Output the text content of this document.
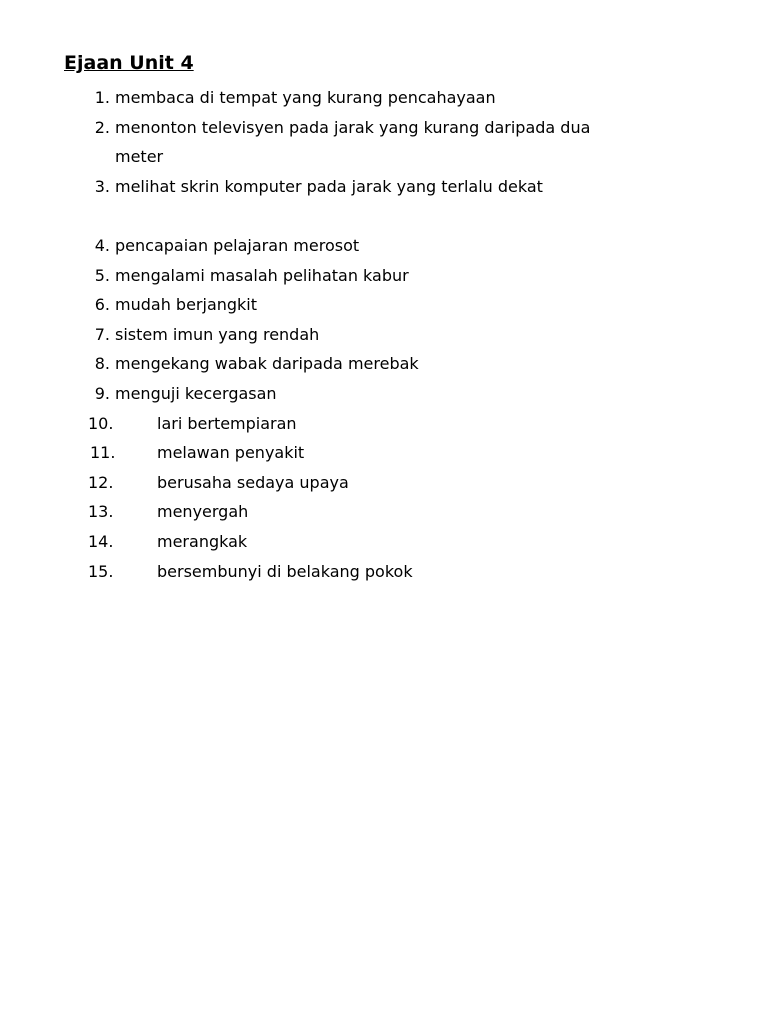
Ejaan Unit 4
1. membaca di tempat yang kurang pencahayaan
2. menonton televisyen pada jarak yang kurang daripada dua
meter
3. melihat skrin komputer pada jarak yang terlalu dekat

4. pencapaian pelajaran merosot
5. mengalami masalah pelihatan kabur
6. mudah berjangkit
7. sistem imun yang rendah
8. mengekang wabak daripada merebak
9. menguji kecergasan
10.	lari bertempiaran
11.	melawan penyakit
12.	berusaha sedaya upaya
13.	menyergah
14.	merangkak
15.	bersembunyi di belakang pokok
